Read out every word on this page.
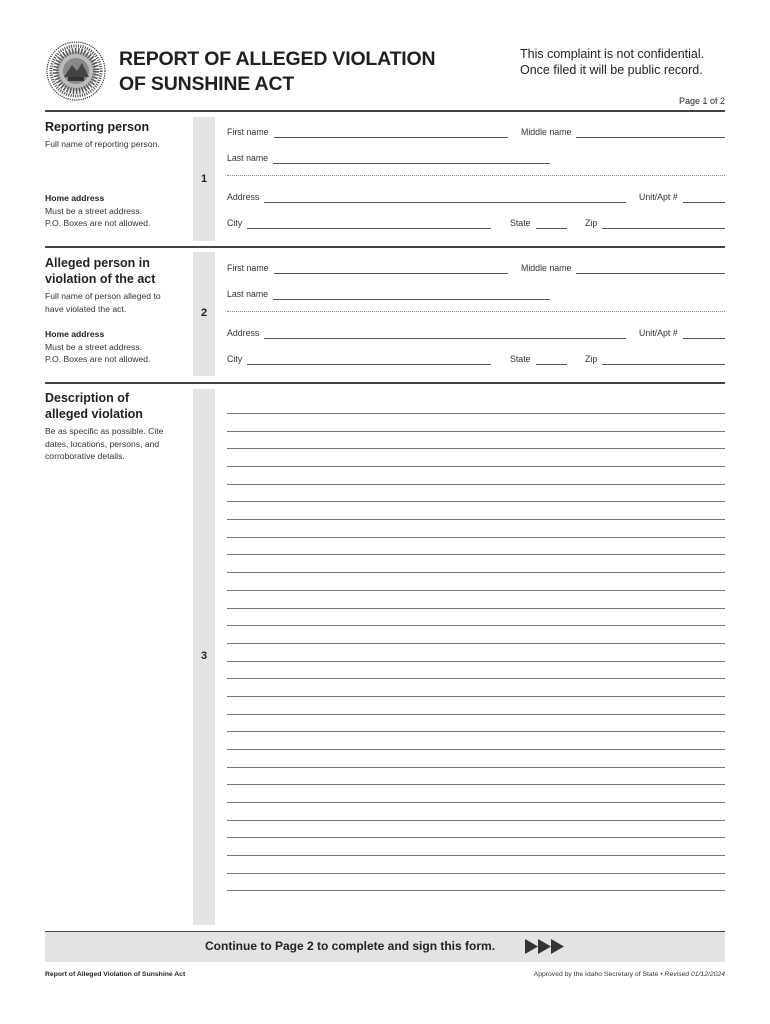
REPORT OF ALLEGED VIOLATION
OF SUNSHINE ACT
This complaint is not confidential.
Once filed it will be public record.
Page 1 of 2
Reporting person
Full name of reporting person.
Home address
Must be a street address.
P.O. Boxes are not allowed.
1
First name	Middle name
Last name
Address	Unit/Apt #
City	State	Zip
Alleged person in
violation of the act
Full name of person alleged to
have violated the act.
Home address
Must be a street address.
P.O. Boxes are not allowed.
2
First name	Middle name
Last name
Address	Unit/Apt #
City	State	Zip
Description of
alleged violation
Be as specific as possible. Cite
dates, locations, persons, and
corroborative details.
3
Continue to Page 2 to complete and sign this form.
Report of Alleged Violation of Sunshine Act	Approved by the Idaho Secretary of State • Revised 01/12/2024
